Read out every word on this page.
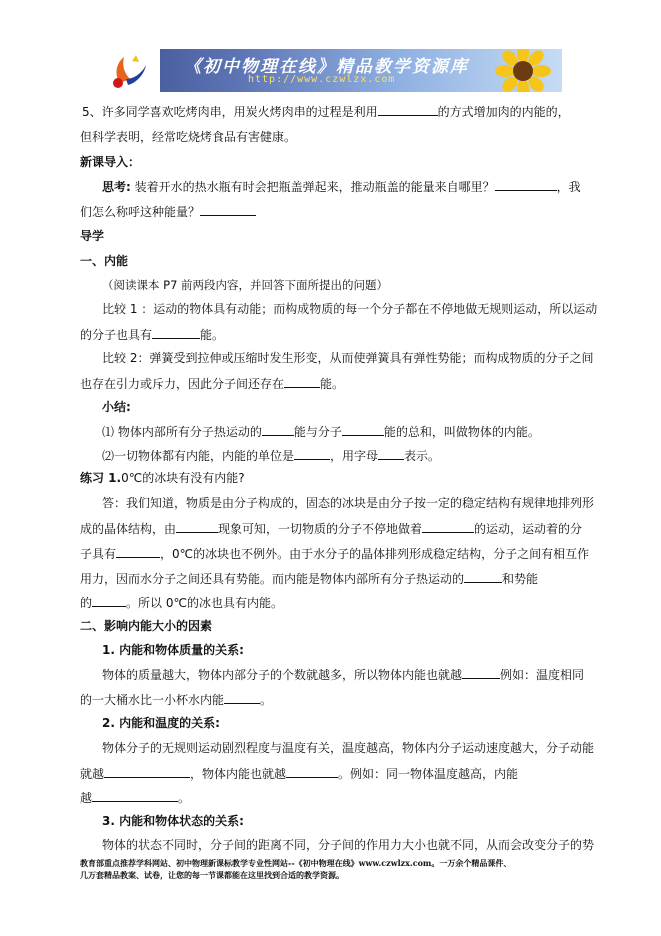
《初中物理在线》精品教学资源库
http://www.czwlzx.com
5、许多同学喜欢吃烤肉串，用炭火烤肉串的过程是利用	的方式增加肉的内能的，
但科学表明，经常吃烧烤食品有害健康。
新课导入：
思考: 装着开水的热水瓶有时会把瓶盖弹起来，推动瓶盖的能量来自哪里？	，我
们怎么称呼这种能量？
导学
一、内能
（阅读课本 P7 前两段内容，并回答下面所提出的问题）
比较 1 ：运动的物体具有动能；而构成物质的每一个分子都在不停地做无规则运动，所以运动
的分子也具有	能。
比较 2：弹簧受到拉伸或压缩时发生形变，从而使弹簧具有弹性势能；而构成物质的分子之间
也存在引力或斥力，因此分子间还存在	能。
小结:
⑴ 物体内部所有分子热运动的	能与分子	能的总和，叫做物体的内能。
⑵一切物体都有内能，内能的单位是	，用字母 表示。
练习 1.0℃的冰块有没有内能?
答：我们知道，物质是由分子构成的，固态的冰块是由分子按一定的稳定结构有规律地排列形
成的晶体结构，由	现象可知，一切物质的分子不停地做着	的运动，运动着的分
子具有	，0℃的冰块也不例外。由于水分子的晶体排列形成稳定结构，分子之间有相互作
用力，因而水分子之间还具有势能。而内能是物体内部所有分子热运动的	和势能
的	。所以 0℃的冰也具有内能。
二、影响内能大小的因素
1. 内能和物体质量的关系:
物体的质量越大，物体内部分子的个数就越多，所以物体内能也就越	例如：温度相同
的一大桶水比一小杯水内能	。
2. 内能和温度的关系:
物体分子的无规则运动剧烈程度与温度有关，温度越高，物体内分子运动速度越大，分子动能
就越	，物体内能也就越	。例如：同一物体温度越高，内能
越	。
3. 内能和物体状态的关系:
物体的状态不同时，分子间的距离不同，分子间的作用力大小也就不同，从而会改变分子的势
教育部重点推荐学科网站、初中物理新课标教学专业性网站--《初中物理在线》www.czwlzx.com。一万余个精品课件、
几万套精品教案、试卷，让您的每一节课都能在这里找到合适的教学资源。
